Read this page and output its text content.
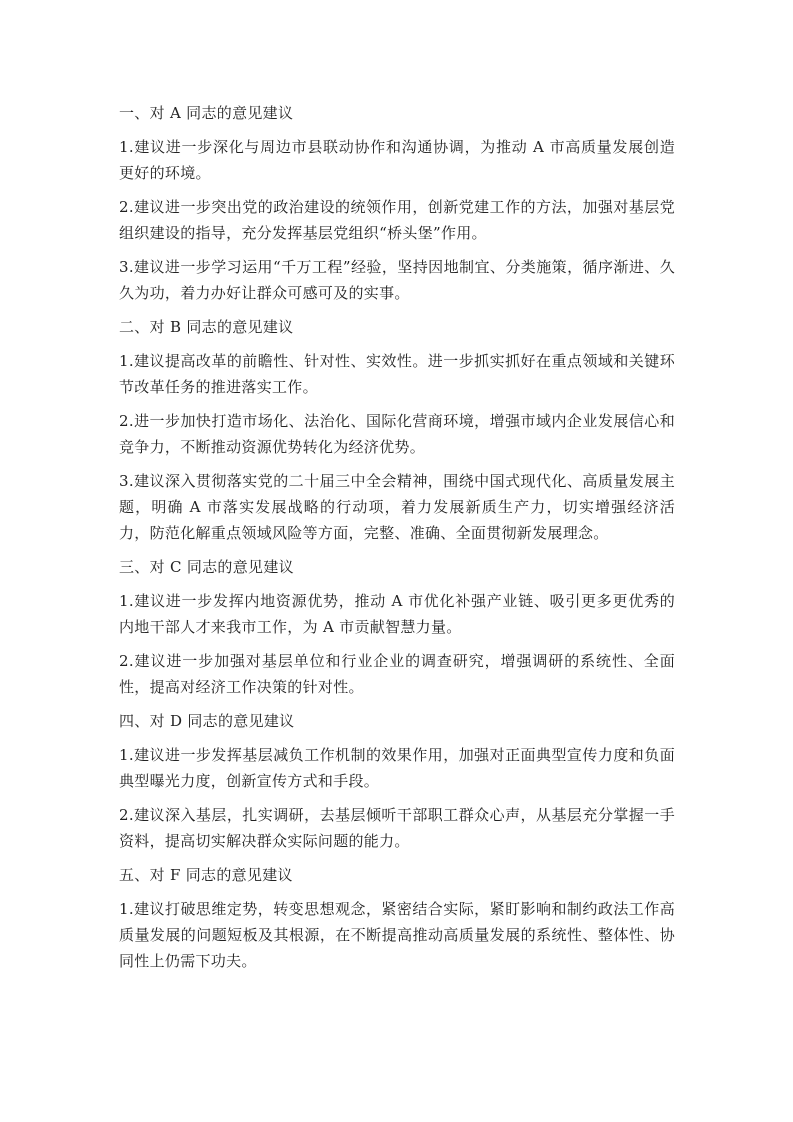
一、对 A 同志的意见建议
1.建议进一步深化与周边市县联动协作和沟通协调，为推动 A 市高质量发展创造更好的环境。
2.建议进一步突出党的政治建设的统领作用，创新党建工作的方法，加强对基层党组织建设的指导，充分发挥基层党组织“桥头堡”作用。
3.建议进一步学习运用“千万工程”经验，坚持因地制宜、分类施策，循序渐进、久久为功，着力办好让群众可感可及的实事。
二、对 B 同志的意见建议
1.建议提高改革的前瞻性、针对性、实效性。进一步抓实抓好在重点领域和关键环节改革任务的推进落实工作。
2.进一步加快打造市场化、法治化、国际化营商环境，增强市域内企业发展信心和竞争力，不断推动资源优势转化为经济优势。
3.建议深入贯彻落实党的二十届三中全会精神，围绕中国式现代化、高质量发展主题，明确 A 市落实发展战略的行动项，着力发展新质生产力，切实增强经济活力，防范化解重点领域风险等方面，完整、准确、全面贯彻新发展理念。
三、对 C 同志的意见建议
1.建议进一步发挥内地资源优势，推动 A 市优化补强产业链、吸引更多更优秀的内地干部人才来我市工作，为 A 市贡献智慧力量。
2.建议进一步加强对基层单位和行业企业的调查研究，增强调研的系统性、全面性，提高对经济工作决策的针对性。
四、对 D 同志的意见建议
1.建议进一步发挥基层减负工作机制的效果作用，加强对正面典型宣传力度和负面典型曝光力度，创新宣传方式和手段。
2.建议深入基层，扎实调研，去基层倾听干部职工群众心声，从基层充分掌握一手资料，提高切实解决群众实际问题的能力。
五、对 F 同志的意见建议
1.建议打破思维定势，转变思想观念，紧密结合实际，紧盯影响和制约政法工作高质量发展的问题短板及其根源，在不断提高推动高质量发展的系统性、整体性、协同性上仍需下功夫。
